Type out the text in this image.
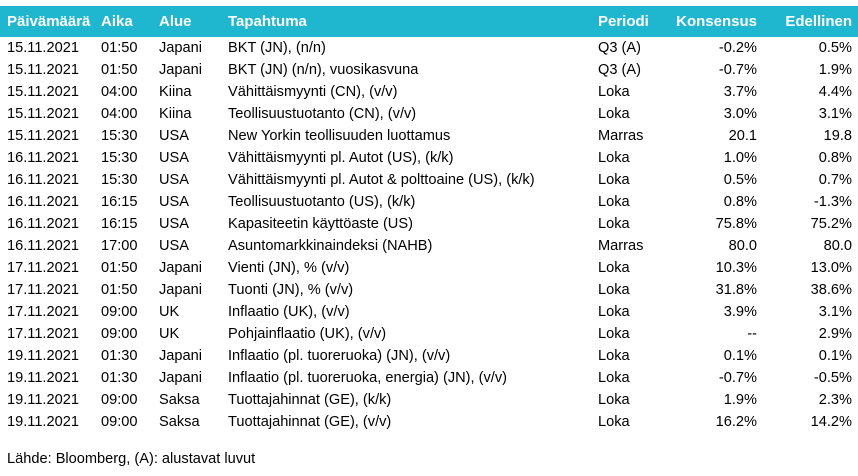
Päivämäärä Aika Alue Tapahtuma	Periodi Konsensus Edellinen
15.11.2021 01:50 Japani BKT (JN), (n/n)	Q3 (A)	-0.2%	0.5%
15.11.2021 01:50 Japani BKT (JN) (n/n), vuosikasvuna	Q3 (A)	-0.7%	1.9%
15.11.2021 04:00 Kiina	Vähittäismyynti (CN), (v/v)	Loka	3.7%	4.4%
15.11.2021 04:00 Kiina	Teollisuustuotanto (CN), (v/v)	Loka	3.0%	3.1%
15.11.2021 15:30 USA	New Yorkin teollisuuden luottamus	Marras	20.1	19.8
16.11.2021 15:30 USA	Vähittäismyynti pl. Autot (US), (k/k)	Loka	1.0%	0.8%
16.11.2021 15:30 USA	Vähittäismyynti pl. Autot & polttoaine (US), (k/k)	Loka	0.5%	0.7%
16.11.2021 16:15 USA	Teollisuustuotanto (US), (k/k)	Loka	0.8%	-1.3%
16.11.2021 16:15 USA	Kapasiteetin käyttöaste (US)	Loka	75.8%	75.2%
16.11.2021 17:00 USA	Asuntomarkkinaindeksi (NAHB)	Marras	80.0	80.0
17.11.2021 01:50 Japani Vienti (JN), % (v/v)	Loka	10.3%	13.0%
17.11.2021 01:50 Japani Tuonti (JN), % (v/v)	Loka	31.8%	38.6%
17.11.2021 09:00 UK	Inflaatio (UK), (v/v)	Loka	3.9%	3.1%
17.11.2021 09:00 UK	Pohjainflaatio (UK), (v/v)	Loka	--	2.9%
19.11.2021 01:30 Japani Inflaatio (pl. tuoreruoka) (JN), (v/v)	Loka	0.1%	0.1%
19.11.2021 01:30 Japani Inflaatio (pl. tuoreruoka, energia) (JN), (v/v)	Loka	-0.7%	-0.5%
19.11.2021 09:00 Saksa Tuottajahinnat (GE), (k/k)	Loka	1.9%	2.3%
19.11.2021 09:00 Saksa Tuottajahinnat (GE), (v/v)	Loka	16.2%	14.2%
Lähde: Bloomberg, (A): alustavat luvut
